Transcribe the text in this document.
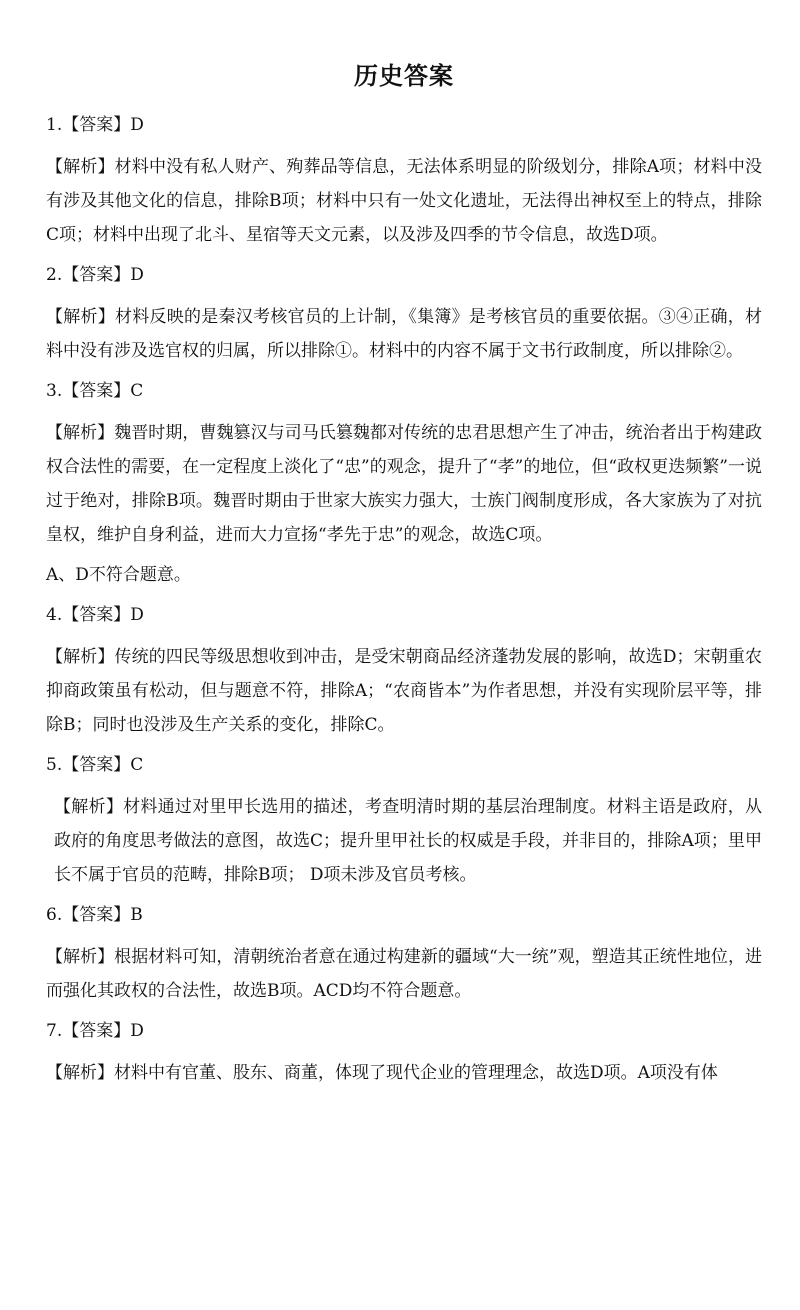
历史答案
1.【答案】D
【解析】材料中没有私人财产、殉葬品等信息，无法体系明显的阶级划分，排除A项；材料中没有涉及其他文化的信息，排除B项；材料中只有一处文化遗址，无法得出神权至上的特点，排除C项；材料中出现了北斗、星宿等天文元素，以及涉及四季的节令信息，故选D项。
2.【答案】D
【解析】材料反映的是秦汉考核官员的上计制，《集簿》是考核官员的重要依据。③④正确，材料中没有涉及选官权的归属，所以排除①。材料中的内容不属于文书行政制度，所以排除②。
3.【答案】C
【解析】魏晋时期，曹魏篡汉与司马氏篡魏都对传统的忠君思想产生了冲击，统治者出于构建政权合法性的需要，在一定程度上淡化了“忠”的观念，提升了“孝”的地位，但“政权更迭频繁”一说过于绝对，排除B项。魏晋时期由于世家大族实力强大，士族门阀制度形成，各大家族为了对抗皇权，维护自身利益，进而大力宣扬“孝先于忠”的观念，故选C项。
A、D不符合题意。
4.【答案】D
【解析】传统的四民等级思想收到冲击，是受宋朝商品经济蓬勃发展的影响，故选D；宋朝重农抑商政策虽有松动，但与题意不符，排除A；“农商皆本”为作者思想，并没有实现阶层平等，排除B；同时也没涉及生产关系的变化，排除C。
5.【答案】C
【解析】材料通过对里甲长选用的描述，考查明清时期的基层治理制度。材料主语是政府，从政府的角度思考做法的意图，故选C；提升里甲社长的权威是手段，并非目的，排除A项；里甲长不属于官员的范畴，排除B项； D项未涉及官员考核。
6.【答案】B
【解析】根据材料可知，清朝统治者意在通过构建新的疆域“大一统”观，塑造其正统性地位，进而强化其政权的合法性，故选B项。ACD均不符合题意。
7.【答案】D
【解析】材料中有官董、股东、商董，体现了现代企业的管理理念，故选D项。A项没有体
